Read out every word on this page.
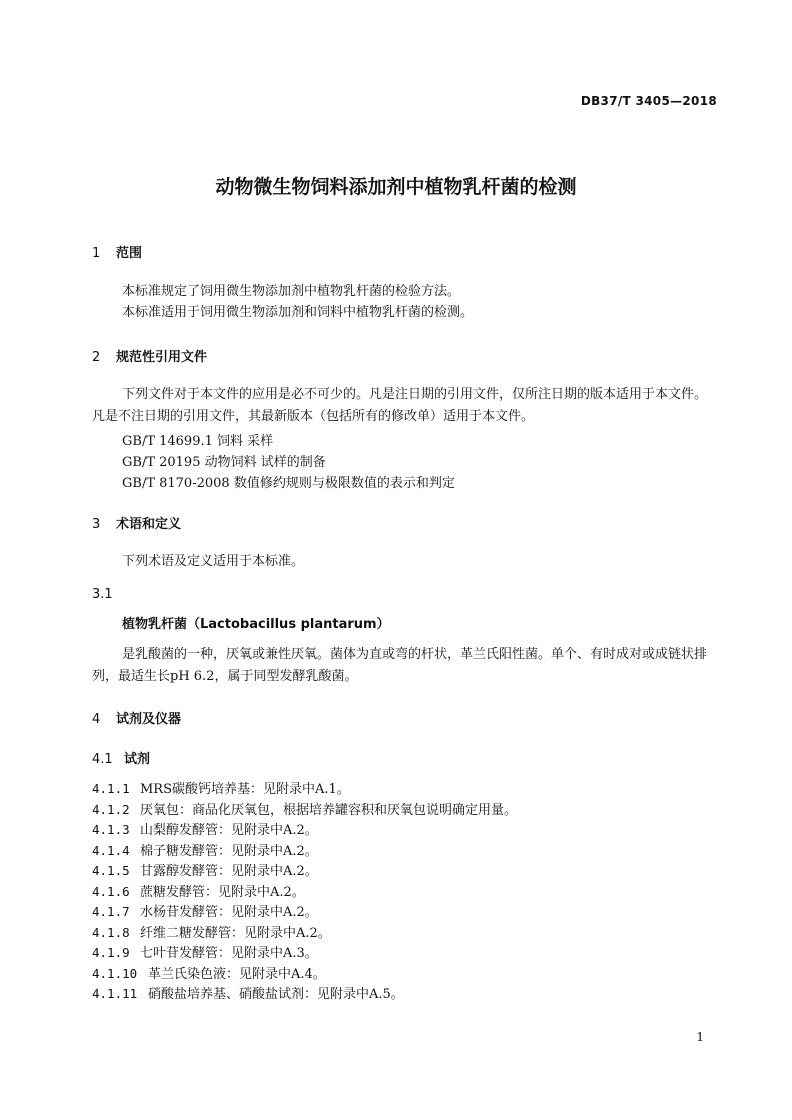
DB37/T 3405—2018
动物微生物饲料添加剂中植物乳杆菌的检测
1 范围
本标准规定了饲用微生物添加剂中植物乳杆菌的检验方法。
本标准适用于饲用微生物添加剂和饲料中植物乳杆菌的检测。
2 规范性引用文件
下列文件对于本文件的应用是必不可少的。凡是注日期的引用文件，仅所注日期的版本适用于本文件。凡是不注日期的引用文件，其最新版本（包括所有的修改单）适用于本文件。
GB/T 14699.1 饲料 采样
GB/T 20195 动物饲料 试样的制备
GB/T 8170-2008 数值修约规则与极限数值的表示和判定
3 术语和定义
下列术语及定义适用于本标准。
3.1
植物乳杆菌（Lactobacillus plantarum）
是乳酸菌的一种，厌氧或兼性厌氧。菌体为直或弯的杆状，革兰氏阳性菌。单个、有时成对或成链状排列，最适生长pH 6.2，属于同型发酵乳酸菌。
4 试剂及仪器
4.1 试剂
4.1.1 MRS碳酸钙培养基：见附录中A.1。
4.1.2 厌氧包：商品化厌氧包，根据培养罐容积和厌氧包说明确定用量。
4.1.3 山梨醇发酵管：见附录中A.2。
4.1.4 棉子糖发酵管：见附录中A.2。
4.1.5 甘露醇发酵管：见附录中A.2。
4.1.6 蔗糖发酵管：见附录中A.2。
4.1.7 水杨苷发酵管：见附录中A.2。
4.1.8 纤维二糖发酵管：见附录中A.2。
4.1.9 七叶苷发酵管：见附录中A.3。
4.1.10 革兰氏染色液：见附录中A.4。
4.1.11 硝酸盐培养基、硝酸盐试剂：见附录中A.5。
1
